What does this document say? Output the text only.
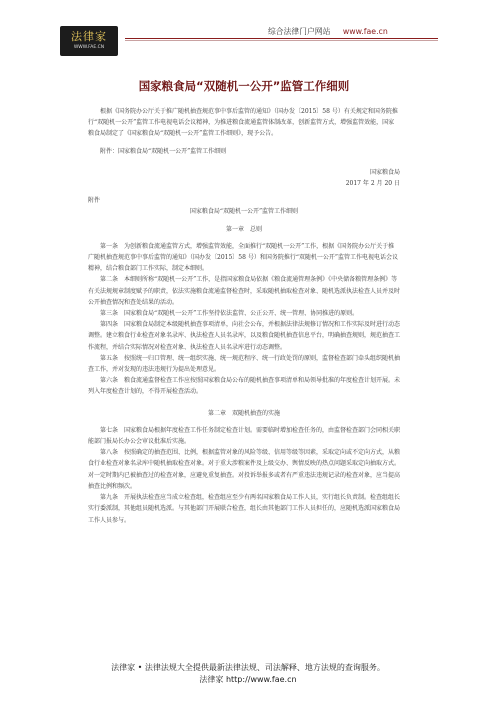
法律家
WWW.FAE.CN
综合法律门户网站 www.fae.cn
国家粮食局“双随机一公开”监管工作细则

根据《国务院办公厅关于推广随机抽查规范事中事后监管的通知》（国办发〔2015〕58 号）有关规定和国务院推行“双随机一公开”监管工作电视电话会议精神，为推进粮食流通监管体制改革，创新监管方式，增强监管效能，国家粮食局制定了《国家粮食局“双随机一公开”监管工作细则》，现予公告。

附件：国家粮食局“双随机一公开”监管工作细则

国家粮食局

2017 年 2 月 20 日

附件

国家粮食局“双随机一公开”监管工作细则

第一章　总则

第一条　为创新粮食流通监管方式，增强监管效能，全面推行“双随机一公开”工作，根据《国务院办公厅关于推广随机抽查规范事中事后监管的通知》（国办发〔2015〕58 号）和国务院推行“双随机一公开”监管工作电视电话会议精神，结合粮食部门工作实际，制定本细则。

第二条　本细则所称“双随机一公开”工作，是指国家粮食局依据《粮食流通管理条例》《中央储备粮管理条例》等有关法规规章制度赋予的职责，依法实施粮食流通监督检查时，采取随机抽取检查对象、随机选派执法检查人员并及时公开抽查情况和查处结果的活动。

第三条　国家粮食局“双随机一公开”工作坚持依法监管、公正公开、统一管理、协同推进的原则。

第四条　国家粮食局制定本级随机抽查事项清单，向社会公布，并根据法律法规修订情况和工作实际及时进行动态调整。建立粮食行业检查对象名录库、执法检查人员名录库，以及粮食随机抽查信息平台，明确抽查规则，规范抽查工作流程，并结合实际情况对检查对象、执法检查人员名录库进行动态调整。

第五条　按照统一归口管理、统一组织实施、统一规范程序、统一行政处罚的原则，监督检查部门牵头组织随机抽查工作，并对发现的违法违规行为提出处理意见。

第六条　粮食流通监督检查工作应按照国家粮食局公布的随机抽查事项清单和局领导批准的年度检查计划开展。未列入年度检查计划的，不得开展检查活动。

第二章　双随机抽查的实施

第七条　国家粮食局根据年度检查工作任务制定检查计划。需要临时增加检查任务的，由监督检查部门会同相关职能部门报局长办公会审议批准后实施。

第八条　按照确定的抽查范围、比例，根据监管对象的风险等级、信用等级等因素，采取定向或不定向方式，从粮食行业检查对象名录库中随机抽取检查对象。对于重大涉粮案件及上级交办、舆情反映的热点问题采取定向抽取方式。对一定时期内已被抽查过的检查对象，应避免重复抽查。对投诉举报多或者有严重违法违规记录的检查对象，应当提高抽查比例和频次。

第九条　开展执法检查应当成立检查组，检查组应至少有两名国家粮食局工作人员，实行组长负责制。检查组组长实行委派制，其他组员随机选派。与其他部门开展联合检查，组长由其他部门工作人员担任的，应随机选派国家粮食局工作人员参与。

法律家 • 法律法规大全提供最新法律法规、司法解释、地方法规的查询服务。
法律家 http://www.fae.cn
